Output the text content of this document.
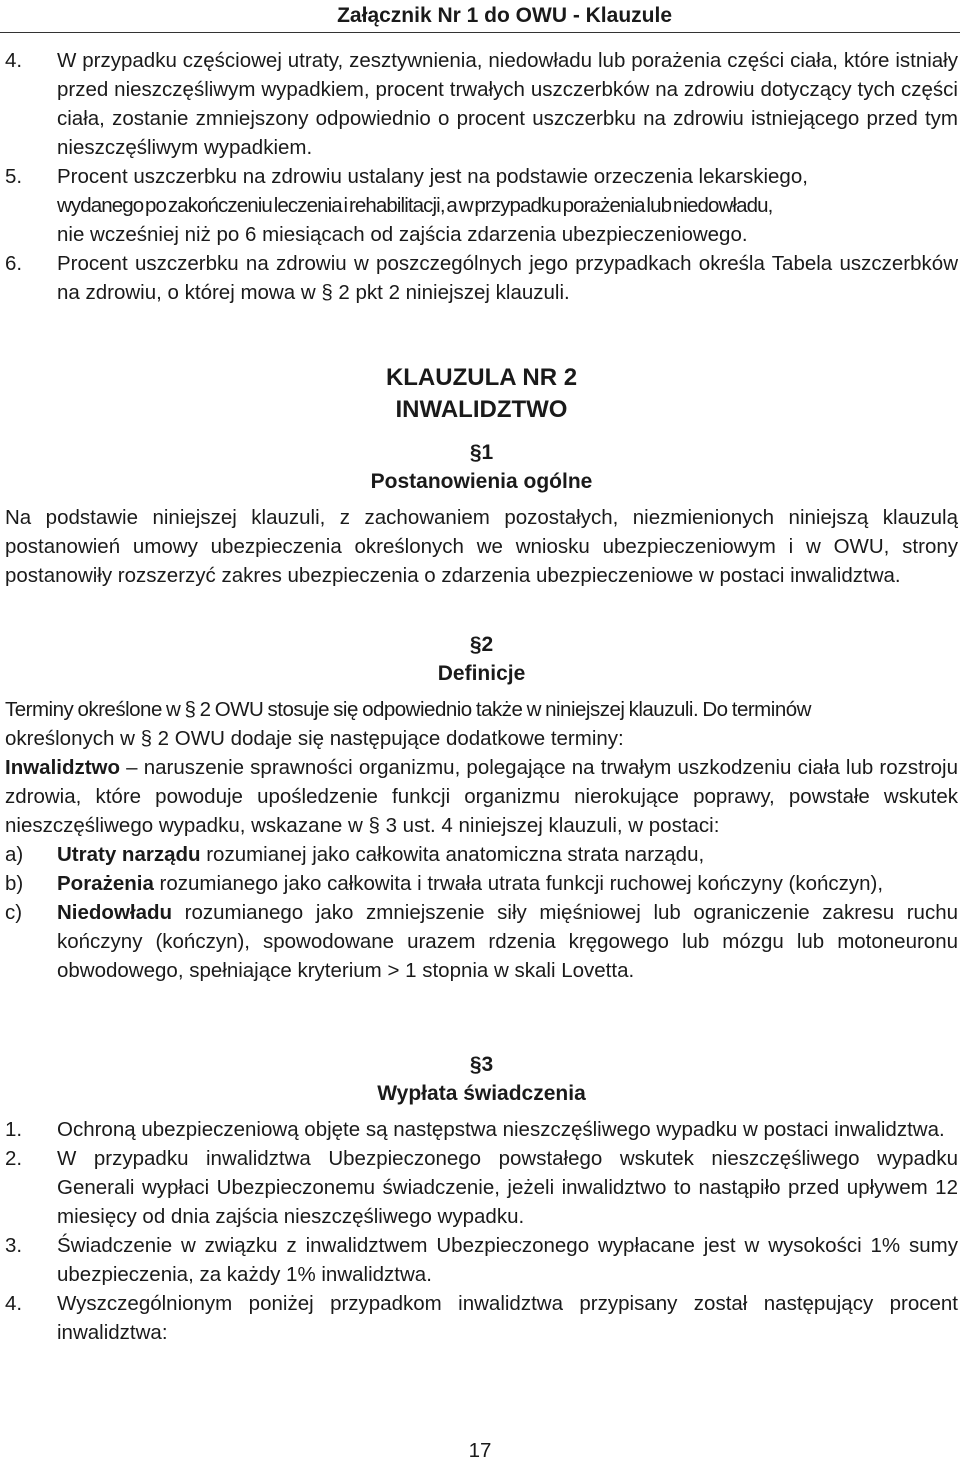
Załącznik Nr 1 do OWU - Klauzule
4.	W przypadku częściowej utraty, zesztywnienia, niedowładu lub porażenia części ciała, które istniały przed nieszczęśliwym wypadkiem, procent trwałych uszczerbków na zdrowiu dotyczący tych części ciała, zostanie zmniejszony odpowiednio o procent uszczerbku na zdrowiu istniejącego przed tym nieszczęśliwym wypadkiem.
5.	Procent uszczerbku na zdrowiu ustalany jest na podstawie orzeczenia lekarskiego,
wydanego po zakończeniu leczenia i rehabilitacji, a w przypadku porażenia lub niedowładu,
nie wcześniej niż po 6 miesiącach od zajścia zdarzenia ubezpieczeniowego.
6.	Procent uszczerbku na zdrowiu w poszczególnych jego przypadkach określa Tabela uszczerbków na zdrowiu, o której mowa w § 2 pkt 2 niniejszej klauzuli.
KLAUZULA NR 2
INWALIDZTWO
§1
Postanowienia ogólne
Na podstawie niniejszej klauzuli, z zachowaniem pozostałych, niezmienionych niniejszą klauzulą postanowień umowy ubezpieczenia określonych we wniosku ubezpieczeniowym i w OWU, strony postanowiły rozszerzyć zakres ubezpieczenia o zdarzenia ubezpieczeniowe w postaci inwalidztwa.
§2
Definicje
Terminy określone w § 2 OWU stosuje się odpowiednio także w niniejszej klauzuli. Do terminów
określonych w § 2 OWU dodaje się następujące dodatkowe terminy:
Inwalidztwo – naruszenie sprawności organizmu, polegające na trwałym uszkodzeniu ciała lub rozstroju zdrowia, które powoduje upośledzenie funkcji organizmu nierokujące poprawy, powstałe wskutek nieszczęśliwego wypadku, wskazane w § 3 ust. 4 niniejszej klauzuli, w postaci:
a)	Utraty narządu rozumianej jako całkowita anatomiczna strata narządu,
b)	Porażenia rozumianego jako całkowita i trwała utrata funkcji ruchowej kończyny (kończyn),
c)	Niedowładu rozumianego jako zmniejszenie siły mięśniowej lub ograniczenie zakresu ruchu kończyny (kończyn), spowodowane urazem rdzenia kręgowego lub mózgu lub motoneuronu obwodowego, spełniające kryterium > 1 stopnia w skali Lovetta.
§3
Wypłata świadczenia
1.	Ochroną ubezpieczeniową objęte są następstwa nieszczęśliwego wypadku w postaci inwalidztwa.
2.	W przypadku inwalidztwa Ubezpieczonego powstałego wskutek nieszczęśliwego wypadku Generali wypłaci Ubezpieczonemu świadczenie, jeżeli inwalidztwo to nastąpiło przed upływem 12 miesięcy od dnia zajścia nieszczęśliwego wypadku.
3.	Świadczenie w związku z inwalidztwem Ubezpieczonego wypłacane jest w wysokości 1% sumy ubezpieczenia, za każdy 1% inwalidztwa.
4.	Wyszczególnionym poniżej przypadkom inwalidztwa przypisany został następujący procent inwalidztwa:
17
